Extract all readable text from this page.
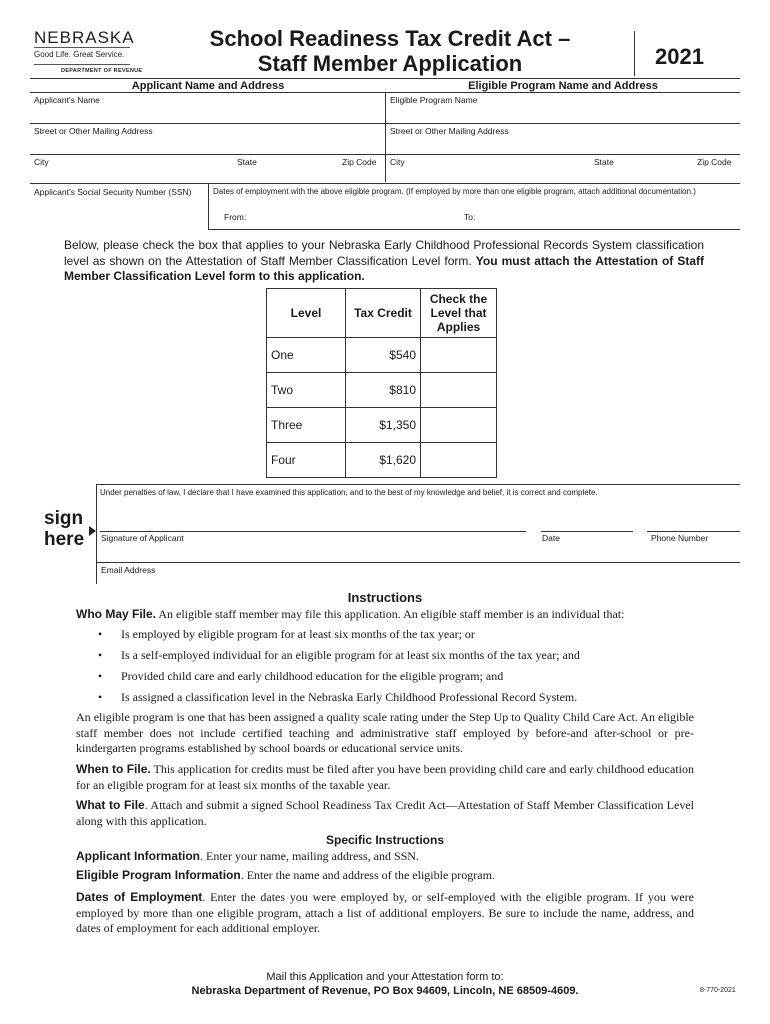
NEBRASKA
Good Life. Great Service.
DEPARTMENT OF REVENUE
School Readiness Tax Credit Act –
Staff Member Application	2021
Applicant Name and Address	Eligible Program Name and Address
Applicant's Name	Eligible Program Name
Street or Other Mailing Address	Street or Other Mailing Address
City	State	Zip Code City	State	Zip Code
Applicant's Social Security Number (SSN)	Dates of employment with the above eligible program. (If employed by more than one eligible program, attach additional documentation.)
From:	To:
Below, please check the box that applies to your Nebraska Early Childhood Professional Records System classification level as shown on the Attestation of Staff Member Classification Level form. You must attach the Attestation of Staff Member Classification Level form to this application.
Level	Tax Credit	Check the Level that Applies
One	$540	
Two	$810	
Three	$1,350	
Four	$1,620	
Under penalties of law, I declare that I have examined this application, and to the best of my knowledge and belief, it is correct and complete.
sign
here Signature of Applicant	Date	Phone Number
Email Address
Instructions
Who May File. An eligible staff member may file this application. An eligible staff member is an individual that:
• Is employed by eligible program for at least six months of the tax year; or
• Is a self-employed individual for an eligible program for at least six months of the tax year; and
• Provided child care and early childhood education for the eligible program; and
• Is assigned a classification level in the Nebraska Early Childhood Professional Record System.
An eligible program is one that has been assigned a quality scale rating under the Step Up to Quality Child Care Act. An eligible staff member does not include certified teaching and administrative staff employed by before-and after-school or pre-kindergarten programs established by school boards or educational service units.
When to File. This application for credits must be filed after you have been providing child care and early childhood education for an eligible program for at least six months of the taxable year.
What to File. Attach and submit a signed School Readiness Tax Credit Act—Attestation of Staff Member Classification Level along with this application.
Specific Instructions
Applicant Information. Enter your name, mailing address, and SSN.
Eligible Program Information. Enter the name and address of the eligible program.
Dates of Employment. Enter the dates you were employed by, or self-employed with the eligible program. If you were employed by more than one eligible program, attach a list of additional employers. Be sure to include the name, address, and dates of employment for each additional employer.
Mail this Application and your Attestation form to:
Nebraska Department of Revenue, PO Box 94609, Lincoln, NE 68509-4609.	8-770-2021
